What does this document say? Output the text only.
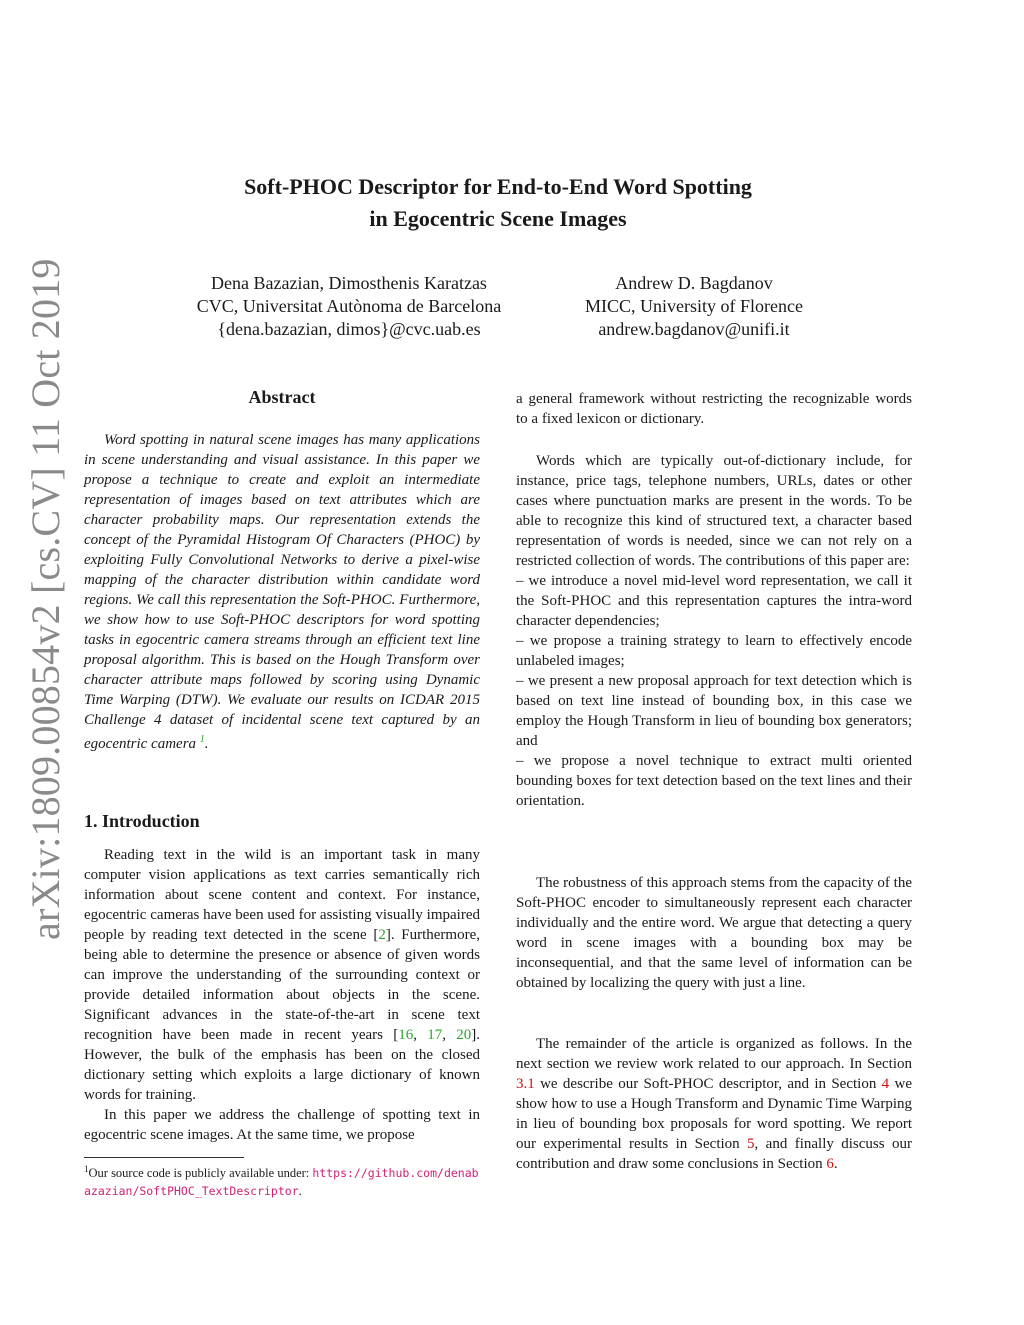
arXiv:1809.00854v2 [cs.CV] 11 Oct 2019
Soft-PHOC Descriptor for End-to-End Word Spotting
in Egocentric Scene Images
Dena Bazazian, Dimosthenis Karatzas
CVC, Universitat Autònoma de Barcelona
{dena.bazazian, dimos}@cvc.uab.es
Andrew D. Bagdanov
MICC, University of Florence
andrew.bagdanov@unifi.it
Abstract
Word spotting in natural scene images has many applications in scene understanding and visual assistance. In this paper we propose a technique to create and exploit an intermediate representation of images based on text attributes which are character probability maps. Our representation extends the concept of the Pyramidal Histogram Of Characters (PHOC) by exploiting Fully Convolutional Networks to derive a pixel-wise mapping of the character distribution within candidate word regions. We call this representation the Soft-PHOC. Furthermore, we show how to use Soft-PHOC descriptors for word spotting tasks in egocentric camera streams through an efficient text line proposal algorithm. This is based on the Hough Transform over character attribute maps followed by scoring using Dynamic Time Warping (DTW). We evaluate our results on ICDAR 2015 Challenge 4 dataset of incidental scene text captured by an egocentric camera $^1$.
1. Introduction

Reading text in the wild is an important task in many computer vision applications as text carries semantically rich information about scene content and context. For instance, egocentric cameras have been used for assisting visually impaired people by reading text detected in the scene [2]. Furthermore, being able to determine the presence or absence of given words can improve the understanding of the surrounding context or provide detailed information about objects in the scene. Significant advances in the state-of-the-art in scene text recognition have been made in recent years [16, 17, 20]. However, the bulk of the emphasis has been on the closed dictionary setting which exploits a large dictionary of known words for training.

In this paper we address the challenge of spotting text in egocentric scene images. At the same time, we propose

$^1$Our source code is publicly available under: https://github.com/denabazazian/SoftPHOC_TextDescriptor.
a general framework without restricting the recognizable words to a fixed lexicon or dictionary.

Words which are typically out-of-dictionary include, for instance, price tags, telephone numbers, URLs, dates or other cases where punctuation marks are present in the words. To be able to recognize this kind of structured text, a character based representation of words is needed, since we can not rely on a restricted collection of words. The contributions of this paper are:

– we introduce a novel mid-level word representation, we call it the Soft-PHOC and this representation captures the intra-word character dependencies;

– we propose a training strategy to learn to effectively encode unlabeled images;

– we present a new proposal approach for text detection which is based on text line instead of bounding box, in this case we employ the Hough Transform in lieu of bounding box generators; and

– we propose a novel technique to extract multi oriented bounding boxes for text detection based on the text lines and their orientation.

The robustness of this approach stems from the capacity of the Soft-PHOC encoder to simultaneously represent each character individually and the entire word. We argue that detecting a query word in scene images with a bounding box may be inconsequential, and that the same level of information can be obtained by localizing the query with just a line.
The remainder of the article is organized as follows. In the next section we review work related to our approach. In Section 3.1 we describe our Soft-PHOC descriptor, and in Section 4 we show how to use a Hough Transform and Dynamic Time Warping in lieu of bounding box proposals for word spotting. We report our experimental results in Section 5, and finally discuss our contribution and draw some conclusions in Section 6.
